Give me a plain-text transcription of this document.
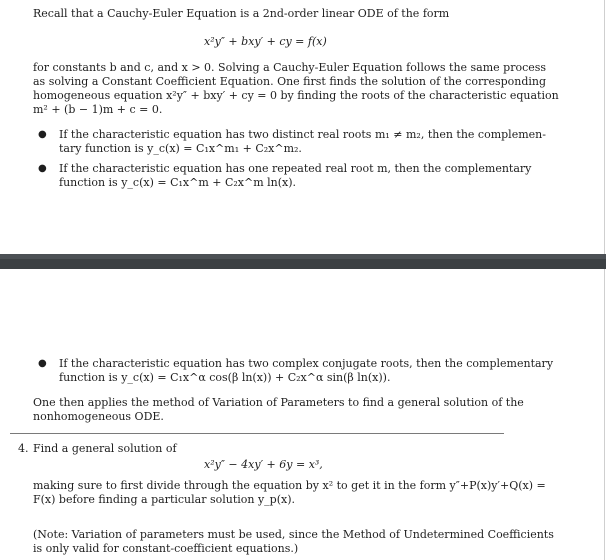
Recall that a Cauchy-Euler Equation is a 2nd-order linear ODE of the form
x²y″ + bxy′ + cy = f(x)
for constants b and c, and x > 0. Solving a Cauchy-Euler Equation follows the same process
as solving a Constant Coefficient Equation. One first finds the solution of the corresponding
homogeneous equation x²y″ + bxy′ + cy = 0 by finding the roots of the characteristic equation
m² + (b − 1)m + c = 0.
● If the characteristic equation has two distinct real roots m₁ ≠ m₂, then the complemen-
tary function is y_c(x) = C₁x^m₁ + C₂x^m₂.
● If the characteristic equation has one repeated real root m, then the complementary
function is y_c(x) = C₁x^m + C₂x^m ln(x).
● If the characteristic equation has two complex conjugate roots, then the complementary
function is y_c(x) = C₁x^α cos(β ln(x)) + C₂x^α sin(β ln(x)).
One then applies the method of Variation of Parameters to find a general solution of the
nonhomogeneous ODE.
4. Find a general solution of
x²y″ − 4xy′ + 6y = x³,
making sure to first divide through the equation by x² to get it in the form y″+P(x)y′+Q(x) =
F(x) before finding a particular solution y_p(x).
(Note: Variation of parameters must be used, since the Method of Undetermined Coefficients
is only valid for constant-coefficient equations.)
